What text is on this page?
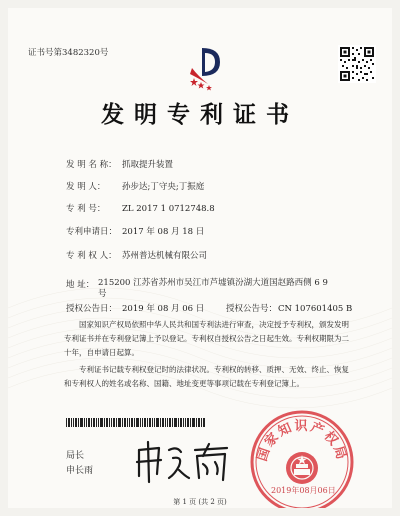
证书号第3482320号
发明专利证书
发 明 名 称： 抓取提升装置
发 明 人： 孙步达;丁守央;丁振庭
专 利 号： ZL 2017 1 0712748.8
专利申请日： 2017 年 08 月 18 日
专 利 权 人： 苏州普达机械有限公司
地 址： 215200 江苏省苏州市吴江市芦墟镇汾湖大道国赵路西侧 6 9号
授权公告日： 2019 年 08 月 06 日	授权公告号：CN 107601405 B
国家知识产权局依照中华人民共和国专利法进行审查，决定授予专利权，颁发发明专利证书并在专利登记簿上予以登记。专利权自授权公告之日起生效。专利权期限为二十年，自申请日起算。
专利证书记载专利权登记时的法律状况。专利权的转移、质押、无效、终止、恢复和专利权人的姓名或名称、国籍、地址变更等事项记载在专利登记簿上。
局长
申长雨
国家知识产权局
2019年08月06日
第 1 页 (共 2 页)
